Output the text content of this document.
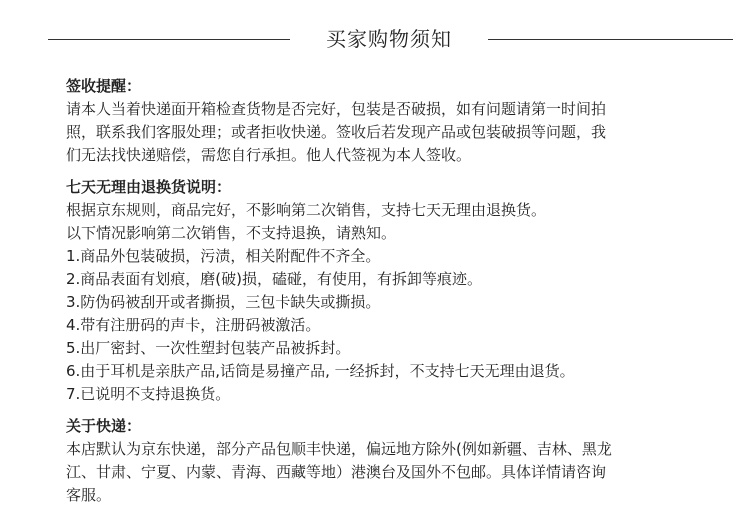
买家购物须知
签收提醒：
请本人当着快递面开箱检查货物是否完好，包装是否破损，如有问题请第一时间拍
照，联系我们客服处理；或者拒收快递。签收后若发现产品或包装破损等问题，我
们无法找快递赔偿，需您自行承担。他人代签视为本人签收。
七天无理由退换货说明：
根据京东规则，商品完好，不影响第二次销售，支持七天无理由退换货。
以下情况影响第二次销售，不支持退换，请熟知。
1.商品外包装破损，污渍，相关附配件不齐全。
2.商品表面有划痕，磨(破)损，磕碰，有使用，有拆卸等痕迹。
3.防伪码被刮开或者撕损，三包卡缺失或撕损。
4.带有注册码的声卡，注册码被激活。
5.出厂密封、一次性塑封包装产品被拆封。
6.由于耳机是亲肤产品,话筒是易撞产品, 一经拆封，不支持七天无理由退货。
7.已说明不支持退换货。
关于快递：
本店默认为京东快递，部分产品包顺丰快递，偏远地方除外(例如新疆、吉林、黑龙
江、甘肃、宁夏、内蒙、青海、西藏等地）港澳台及国外不包邮。具体详情请咨询
客服。
